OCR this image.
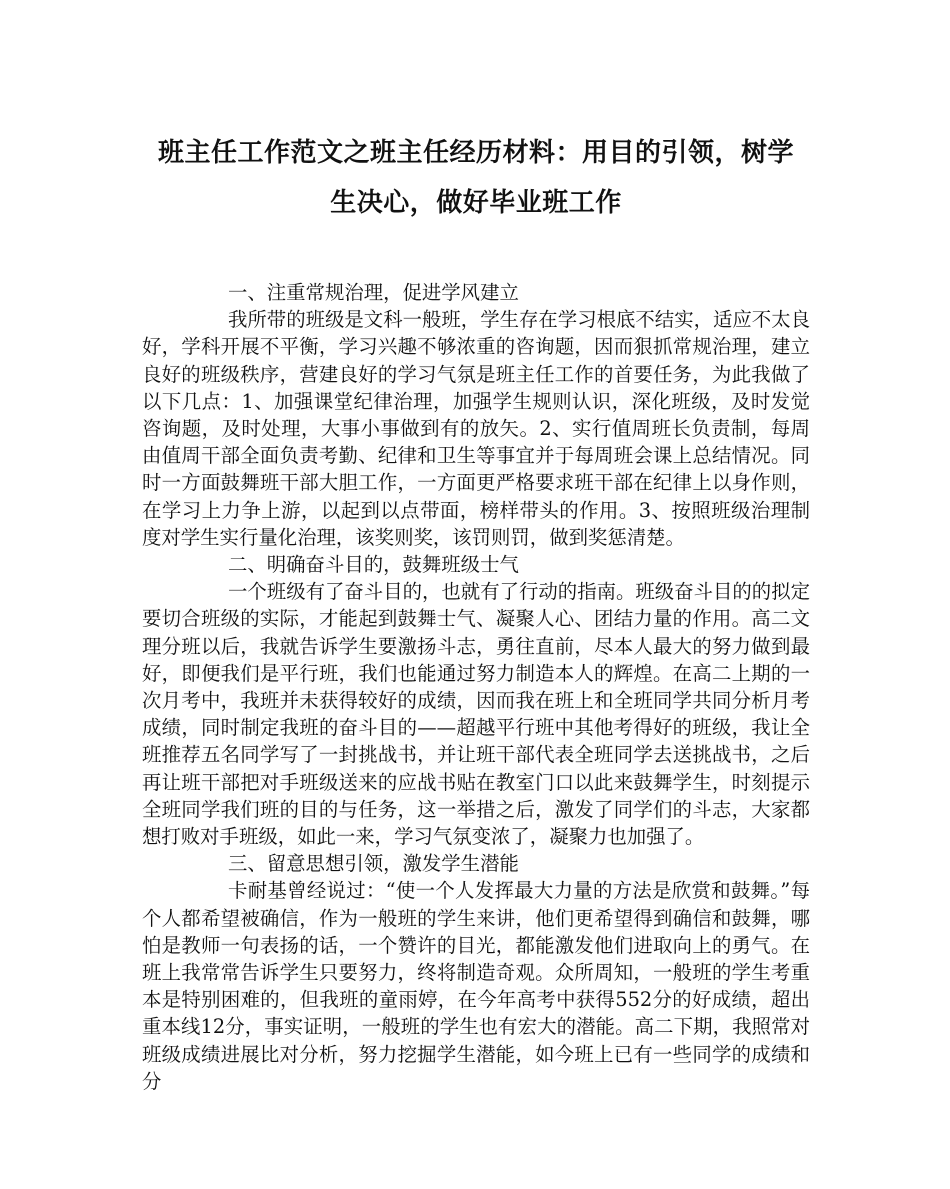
班主任工作范文之班主任经历材料：用目的引领，树学
生决心，做好毕业班工作

一、注重常规治理，促进学风建立

我所带的班级是文科一般班，学生存在学习根底不结实，适应不太良好，学科开展不平衡，学习兴趣不够浓重的咨询题，因而狠抓常规治理，建立良好的班级秩序，营建良好的学习气氛是班主任工作的首要任务，为此我做了以下几点：1、加强课堂纪律治理，加强学生规则认识，深化班级，及时发觉咨询题，及时处理，大事小事做到有的放矢。2、实行值周班长负责制，每周由值周干部全面负责考勤、纪律和卫生等事宜并于每周班会课上总结情况。同时一方面鼓舞班干部大胆工作，一方面更严格要求班干部在纪律上以身作则，在学习上力争上游，以起到以点带面，榜样带头的作用。3、按照班级治理制度对学生实行量化治理，该奖则奖，该罚则罚，做到奖惩清楚。

二、明确奋斗目的，鼓舞班级士气

一个班级有了奋斗目的，也就有了行动的指南。班级奋斗目的的拟定要切合班级的实际，才能起到鼓舞士气、凝聚人心、团结力量的作用。高二文理分班以后，我就告诉学生要激扬斗志，勇往直前，尽本人最大的努力做到最好，即便我们是平行班，我们也能通过努力制造本人的辉煌。在高二上期的一次月考中，我班并未获得较好的成绩，因而我在班上和全班同学共同分析月考成绩，同时制定我班的奋斗目的——超越平行班中其他考得好的班级，我让全班推荐五名同学写了一封挑战书，并让班干部代表全班同学去送挑战书，之后再让班干部把对手班级送来的应战书贴在教室门口以此来鼓舞学生，时刻提示全班同学我们班的目的与任务，这一举措之后，激发了同学们的斗志，大家都想打败对手班级，如此一来，学习气氛变浓了，凝聚力也加强了。

三、留意思想引领，激发学生潜能

卡耐基曾经说过：“使一个人发挥最大力量的方法是欣赏和鼓舞。”每个人都希望被确信，作为一般班的学生来讲，他们更希望得到确信和鼓舞，哪怕是教师一句表扬的话，一个赞许的目光，都能激发他们进取向上的勇气。在班上我常常告诉学生只要努力，终将制造奇观。众所周知，一般班的学生考重本是特别困难的，但我班的童雨婷，在今年高考中获得552分的好成绩，超出重本线12分，事实证明，一般班的学生也有宏大的潜能。高二下期，我照常对班级成绩进展比对分析，努力挖掘学生潜能，如今班上已有一些同学的成绩和分
